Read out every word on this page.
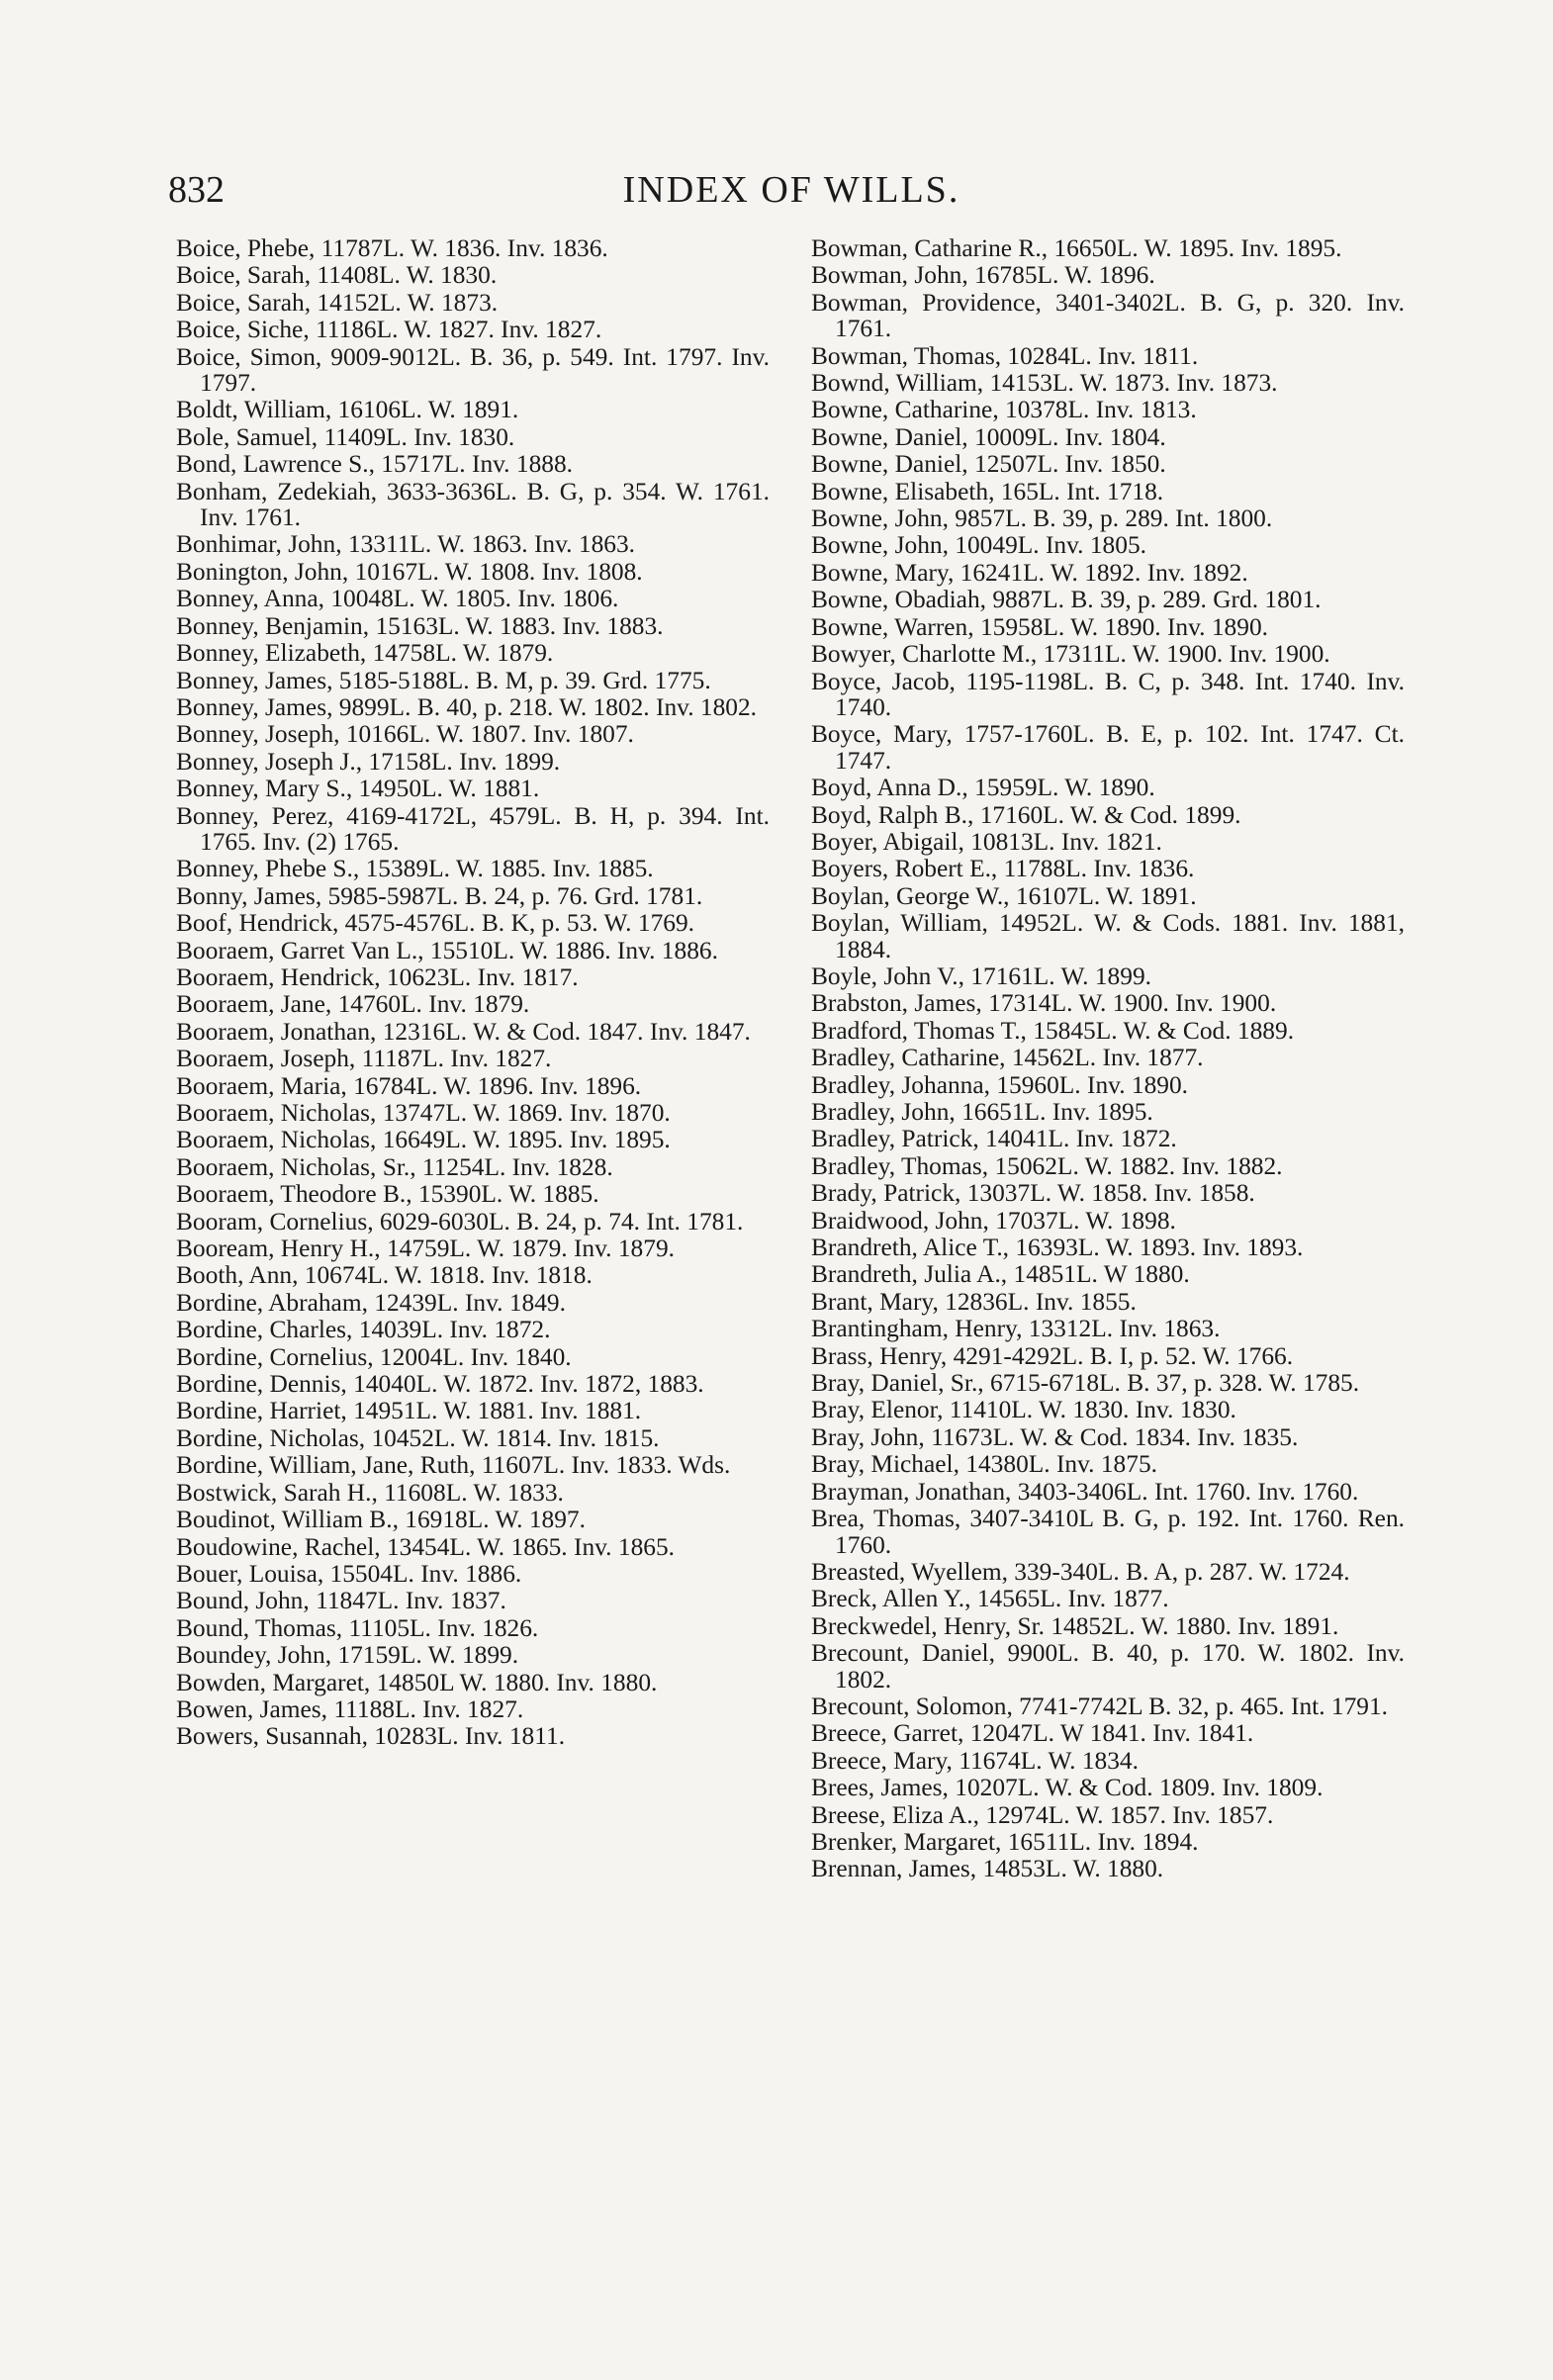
832	INDEX OF WILLS.

Boice, Phebe, 11787L. W. 1836. Inv. 1836.

Boice, Sarah, 11408L. W. 1830.

Boice, Sarah, 14152L. W. 1873.

Boice, Siche, 11186L. W. 1827. Inv. 1827.

Boice, Simon, 9009-9012L. B. 36, p. 549. Int. 1797. Inv. 1797.

Boldt, William, 16106L. W. 1891.

Bole, Samuel, 11409L. Inv. 1830.

Bond, Lawrence S., 15717L. Inv. 1888.

Bonham, Zedekiah, 3633-3636L. B. G, p. 354. W. 1761. Inv. 1761.

Bonhimar, John, 13311L. W. 1863. Inv. 1863.

Bonington, John, 10167L. W. 1808. Inv. 1808.

Bonney, Anna, 10048L. W. 1805. Inv. 1806.

Bonney, Benjamin, 15163L. W. 1883. Inv. 1883.

Bonney, Elizabeth, 14758L. W. 1879.

Bonney, James, 5185-5188L. B. M, p. 39. Grd. 1775.

Bonney, James, 9899L. B. 40, p. 218. W. 1802. Inv. 1802.

Bonney, Joseph, 10166L. W. 1807. Inv. 1807.

Bonney, Joseph J., 17158L. Inv. 1899.

Bonney, Mary S., 14950L. W. 1881.

Bonney, Perez, 4169-4172L, 4579L. B. H, p. 394. Int. 1765. Inv. (2) 1765.

Bonney, Phebe S., 15389L. W. 1885. Inv. 1885.

Bonny, James, 5985-5987L. B. 24, p. 76. Grd. 1781.

Boof, Hendrick, 4575-4576L. B. K, p. 53. W. 1769.

Booraem, Garret Van L., 15510L. W. 1886. Inv. 1886.

Booraem, Hendrick, 10623L. Inv. 1817.

Booraem, Jane, 14760L. Inv. 1879.

Booraem, Jonathan, 12316L. W. & Cod. 1847. Inv. 1847.

Booraem, Joseph, 11187L. Inv. 1827.

Booraem, Maria, 16784L. W. 1896. Inv. 1896.

Booraem, Nicholas, 13747L. W. 1869. Inv. 1870.

Booraem, Nicholas, 16649L. W. 1895. Inv. 1895.

Booraem, Nicholas, Sr., 11254L. Inv. 1828.

Booraem, Theodore B., 15390L. W. 1885.

Booram, Cornelius, 6029-6030L. B. 24, p. 74. Int. 1781.

Booream, Henry H., 14759L. W. 1879. Inv. 1879.

Booth, Ann, 10674L. W. 1818. Inv. 1818.

Bordine, Abraham, 12439L. Inv. 1849.

Bordine, Charles, 14039L. Inv. 1872.

Bordine, Cornelius, 12004L. Inv. 1840.

Bordine, Dennis, 14040L. W. 1872. Inv. 1872, 1883.

Bordine, Harriet, 14951L. W. 1881. Inv. 1881.

Bordine, Nicholas, 10452L. W. 1814. Inv. 1815.

Bordine, William, Jane, Ruth, 11607L. Inv. 1833. Wds.

Bostwick, Sarah H., 11608L. W. 1833.

Boudinot, William B., 16918L. W. 1897.

Boudowine, Rachel, 13454L. W. 1865. Inv. 1865.

Bouer, Louisa, 15504L. Inv. 1886.

Bound, John, 11847L. Inv. 1837.

Bound, Thomas, 11105L. Inv. 1826.

Boundey, John, 17159L. W. 1899.

Bowden, Margaret, 14850L W. 1880. Inv. 1880.

Bowen, James, 11188L. Inv. 1827.

Bowers, Susannah, 10283L. Inv. 1811.

Bowman, Catharine R., 16650L. W. 1895. Inv. 1895.

Bowman, John, 16785L. W. 1896.

Bowman, Providence, 3401-3402L. B. G, p. 320. Inv. 1761.

Bowman, Thomas, 10284L. Inv. 1811.

Bownd, William, 14153L. W. 1873. Inv. 1873.

Bowne, Catharine, 10378L. Inv. 1813.

Bowne, Daniel, 10009L. Inv. 1804.

Bowne, Daniel, 12507L. Inv. 1850.

Bowne, Elisabeth, 165L. Int. 1718.

Bowne, John, 9857L. B. 39, p. 289. Int. 1800.

Bowne, John, 10049L. Inv. 1805.

Bowne, Mary, 16241L. W. 1892. Inv. 1892.

Bowne, Obadiah, 9887L. B. 39, p. 289. Grd. 1801.

Bowne, Warren, 15958L. W. 1890. Inv. 1890.

Bowyer, Charlotte M., 17311L. W. 1900. Inv. 1900.

Boyce, Jacob, 1195-1198L. B. C, p. 348. Int. 1740. Inv. 1740.

Boyce, Mary, 1757-1760L. B. E, p. 102. Int. 1747. Ct. 1747.

Boyd, Anna D., 15959L. W. 1890.

Boyd, Ralph B., 17160L. W. & Cod. 1899.

Boyer, Abigail, 10813L. Inv. 1821.

Boyers, Robert E., 11788L. Inv. 1836.

Boylan, George W., 16107L. W. 1891.

Boylan, William, 14952L. W. & Cods. 1881. Inv. 1881, 1884.

Boyle, John V., 17161L. W. 1899.

Brabston, James, 17314L. W. 1900. Inv. 1900.

Bradford, Thomas T., 15845L. W. & Cod. 1889.

Bradley, Catharine, 14562L. Inv. 1877.

Bradley, Johanna, 15960L. Inv. 1890.

Bradley, John, 16651L. Inv. 1895.

Bradley, Patrick, 14041L. Inv. 1872.

Bradley, Thomas, 15062L. W. 1882. Inv. 1882.

Brady, Patrick, 13037L. W. 1858. Inv. 1858.

Braidwood, John, 17037L. W. 1898.

Brandreth, Alice T., 16393L. W. 1893. Inv. 1893.

Brandreth, Julia A., 14851L. W 1880.

Brant, Mary, 12836L. Inv. 1855.

Brantingham, Henry, 13312L. Inv. 1863.

Brass, Henry, 4291-4292L. B. I, p. 52. W. 1766.

Bray, Daniel, Sr., 6715-6718L. B. 37, p. 328. W. 1785.

Bray, Elenor, 11410L. W. 1830. Inv. 1830.

Bray, John, 11673L. W. & Cod. 1834. Inv. 1835.

Bray, Michael, 14380L. Inv. 1875.

Brayman, Jonathan, 3403-3406L. Int. 1760. Inv. 1760.

Brea, Thomas, 3407-3410L B. G, p. 192. Int. 1760. Ren. 1760.

Breasted, Wyellem, 339-340L. B. A, p. 287. W. 1724.

Breck, Allen Y., 14565L. Inv. 1877.

Breckwedel, Henry, Sr. 14852L. W. 1880. Inv. 1891.

Brecount, Daniel, 9900L. B. 40, p. 170. W. 1802. Inv. 1802.

Brecount, Solomon, 7741-7742L B. 32, p. 465. Int. 1791.

Breece, Garret, 12047L. W 1841. Inv. 1841.

Breece, Mary, 11674L. W. 1834.

Brees, James, 10207L. W. & Cod. 1809. Inv. 1809.

Breese, Eliza A., 12974L. W. 1857. Inv. 1857.

Brenker, Margaret, 16511L. Inv. 1894.

Brennan, James, 14853L. W. 1880.
